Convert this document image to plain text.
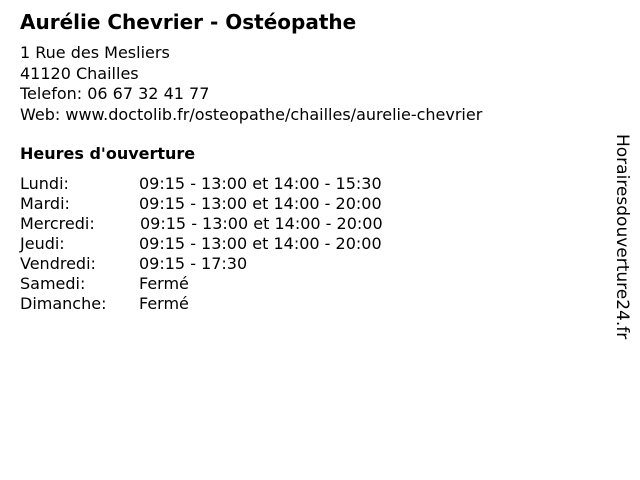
Aurélie Chevrier - Ostéopathe
1 Rue des Mesliers
41120 Chailles
Telefon: 06 67 32 41 77
Web: www.doctolib.fr/osteopathe/chailles/aurelie-chevrier
Heures d'ouverture
Lundi:	09:15 - 13:00 et 14:00 - 15:30
Mardi:	09:15 - 13:00 et 14:00 - 20:00
Mercredi:	09:15 - 13:00 et 14:00 - 20:00
Jeudi:	09:15 - 13:00 et 14:00 - 20:00
Vendredi:	09:15 - 17:30
Samedi:	Fermé
Dimanche: Fermé	Horairesdouverture24.fr
